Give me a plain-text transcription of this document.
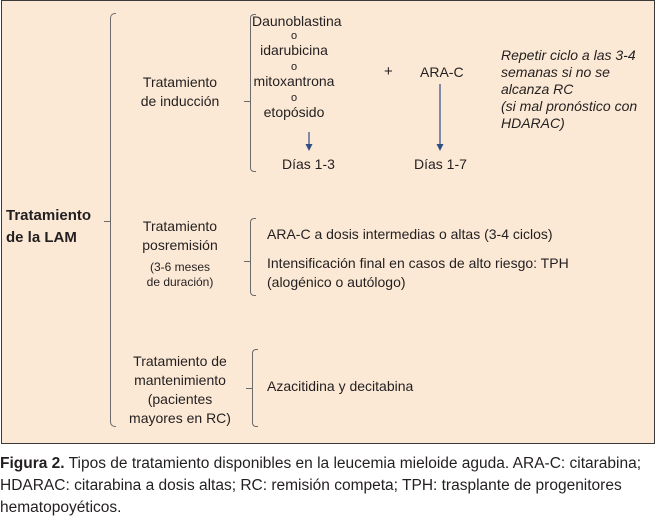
Tratamiento
de la LAM
Tratamiento
de inducción
Daunoblastina
o
idarubicina
o
mitoxantrona
o
etopósido
+ ARA-C
Días 1-3	Días 1-7
Repetir ciclo a las 3-4
semanas si no se
alcanza RC
(si mal pronóstico con
HDARAC)
Tratamiento
posremisión
(3-6 meses
de duración)
ARA-C a dosis intermedias o altas (3-4 ciclos)
Intensificación final en casos de alto riesgo: TPH
(alogénico o autólogo)
Tratamiento de
mantenimiento
(pacientes
mayores en RC)
Azacitidina y decitabina
Figura 2. Tipos de tratamiento disponibles en la leucemia mieloide aguda. ARA-C: citarabina; HDARAC: citarabina a dosis altas; RC: remisión competa; TPH: trasplante de progenitores hematopoyéticos.
